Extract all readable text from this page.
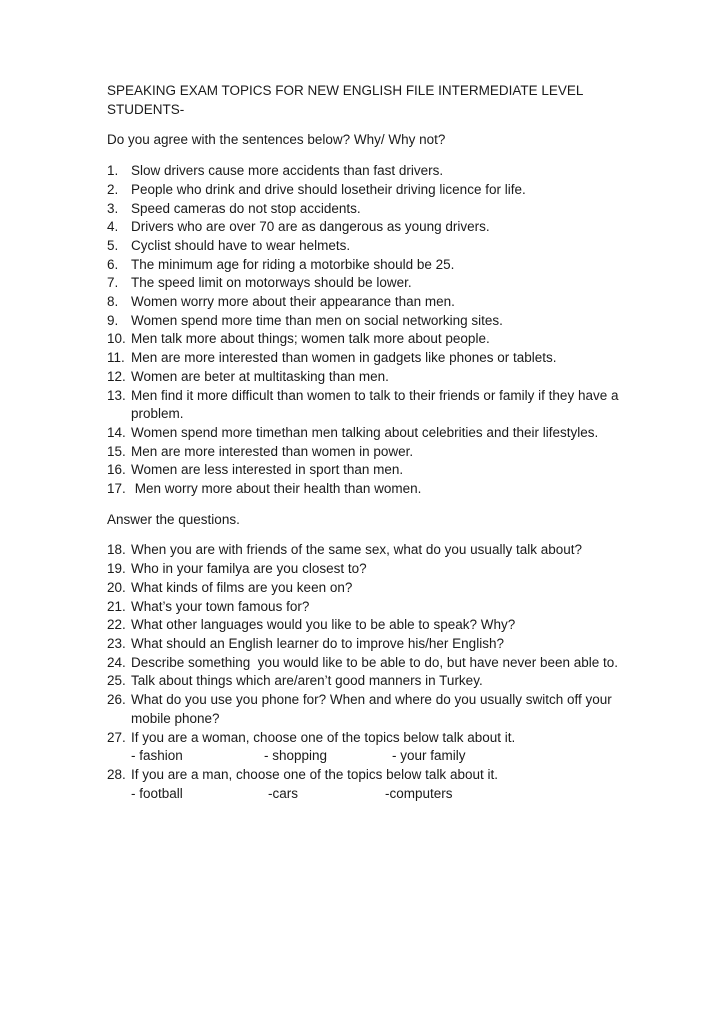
SPEAKING EXAM TOPICS FOR NEW ENGLISH FILE INTERMEDIATE LEVEL STUDENTS-

Do you agree with the sentences below? Why/ Why not?

1. Slow drivers cause more accidents than fast drivers.
2. People who drink and drive should losetheir driving licence for life.
3. Speed cameras do not stop accidents.
4. Drivers who are over 70 are as dangerous as young drivers.
5. Cyclist should have to wear helmets.
6. The minimum age for riding a motorbike should be 25.
7. The speed limit on motorways should be lower.
8. Women worry more about their appearance than men.
9. Women spend more time than men on social networking sites.
10. Men talk more about things; women talk more about people.
11. Men are more interested than women in gadgets like phones or tablets.
12. Women are beter at multitasking than men.
13. Men find it more difficult than women to talk to their friends or family if they have a problem.
14. Women spend more timethan men talking about celebrities and their lifestyles.
15. Men are more interested than women in power.
16. Women are less interested in sport than men.
17. Men worry more about their health than women.

Answer the questions.

18. When you are with friends of the same sex, what do you usually talk about?
19. Who in your familya are you closest to?
20. What kinds of films are you keen on?
21. What’s your town famous for?
22. What other languages would you like to be able to speak? Why?
23. What should an English learner do to improve his/her English?
24. Describe something  you would like to be able to do, but have never been able to.
25. Talk about things which are/aren’t good manners in Turkey.
26. What do you use you phone for? When and where do you usually switch off your mobile phone?
27. If you are a woman, choose one of the topics below talk about it.
- fashion	- shopping	- your family
28. If you are a man, choose one of the topics below talk about it.
- football	-cars	-computers
